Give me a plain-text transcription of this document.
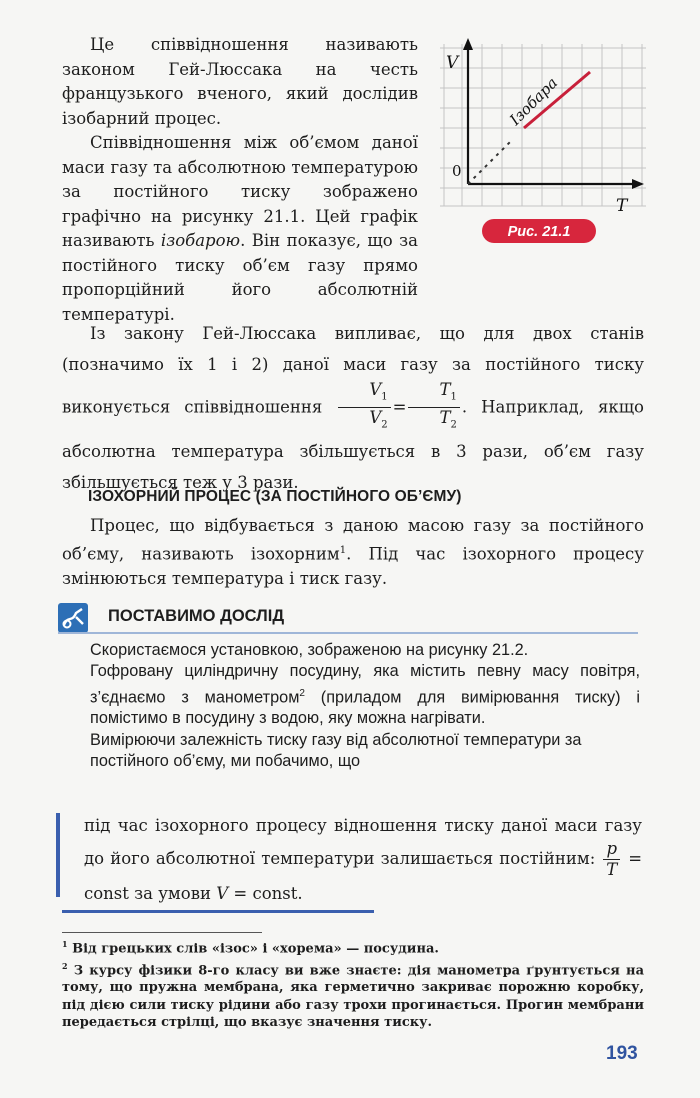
Це співвідношення називають законом Гей-Люссака на честь французького вченого, який дослідив ізобарний процес.

Співвідношення між об’ємом даної маси газу та абсолютною температурою за постійного тиску зображено графічно на рисунку 21.1. Цей графік називають ізобарою. Він показує, що за постійного тиску об’єм газу прямо пропорційний його абсолютній температурі.

V
T
0
Ізобара
Рис. 21.1
Із закону Гей-Люссака випливає, що для двох станів (позначимо їх 1 і 2) даної маси газу за постійного тиску виконується співвідношення $\frac{V_1}{V_2} = \frac{T_1}{T_2}$ . Наприклад, якщо абсолютна температура збільшується в 3 рази, об’єм газу збільшується теж у 3 рази.
ІЗОХОРНИЙ ПРОЦЕС (ЗА ПОСТІЙНОГО ОБ’ЄМУ)
Процес, що відбувається з даною масою газу за постійного об’єму, називають ізохорним$^1$. Під час ізохорного процесу змінюються температура і тиск газу.
ПОСТАВИМО ДОСЛІД

Скористаємося установкою, зображеною на рисунку 21.2.

Гофровану циліндричну посудину, яка містить певну масу повітря, з’єднаємо з манометром$^2$ (приладом для вимірювання тиску) і помістимо в посудину з водою, яку можна нагрівати.

Вимірюючи залежність тиску газу від абсолютної температури за постійного об’єму, ми побачимо, що

під час ізохорного процесу відношення тиску даної маси газу до його абсолютної температури залишається постійним: $\frac{p}{T}$ = const за умови V = const.

$^1$ Від грецьких слів «ізос» і «хорема» — посудина.

$^2$ З курсу фізики 8-го класу ви вже знаєте: дія манометра ґрунтується на тому, що пружна мембрана, яка герметично закриває порожню коробку, під дією сили тиску рідини або газу трохи прогинається. Прогин мембрани передається стрілці, що вказує значення тиску.

193
